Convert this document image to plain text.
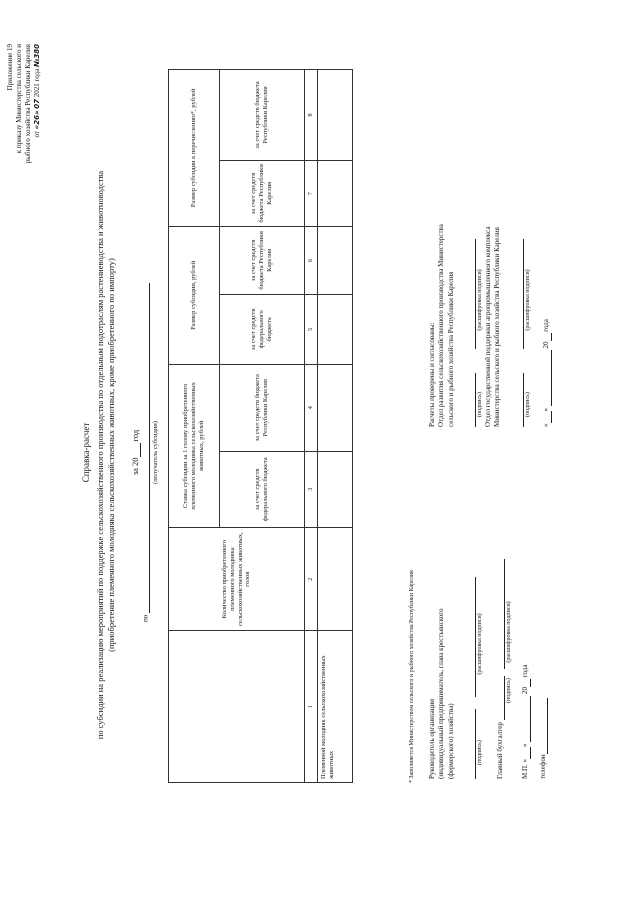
Приложение 19 к приказу Министерства сельского и рыбного хозяйства Республики Карелия от «26» 07 2021 года №380
Справка-расчет по субсидии на реализацию мероприятий по поддержке сельскохозяйственного производства по отдельным подотраслям растениеводства и животноводства (приобретение племенного молодняка сельскохозяйственных животных, кроме приобретенного по импорту) за 20 год
по
(получатель субсидии)
	Количество приобретенного племенного молодняка сельскохозяйственных животных, голов	Ставка субсидии за 1 голову приобретенного племенного молодняка сельскохозяйственных животных, рублей		Размер субсидии, рублей		Размер субсидии к перечислению*, рублей	
		за счет средств федерального бюджета	за счет средств бюджета Республики Карелия	за счет средств федерального бюджета	за счет средств бюджета Республики Карелия	за счет средств бюджета Республики Карелия	за счет средств бюджета Республики Карелия
1	2	3	4	5	6	7	8
Племенной молодняк сельскохозяйственных животных								* Заполняется Министерством сельского и рыбного хозяйства Республики Карелия Руководитель организации (индивидуальный предприниматель, глава крестьянского (фермерского) хозяйства)
	(подпись) (расшифровка подписи)
Главный бухгалтер
(подпись) (расшифровка подписи)
М.П. «»  20 года
телефон
Расчеты проверены и согласованы: Отдел развития сельскохозяйственного производства Министерства сельского и рыбного хозяйства Республики Карелия
	(подпись) (расшифровка подписи) Отдел государственной поддержки агропромышленного комплекса Министерства сельского и рыбного хозяйства Республики Карелия
	(подпись) (расшифровка подписи)
«»  20 года
